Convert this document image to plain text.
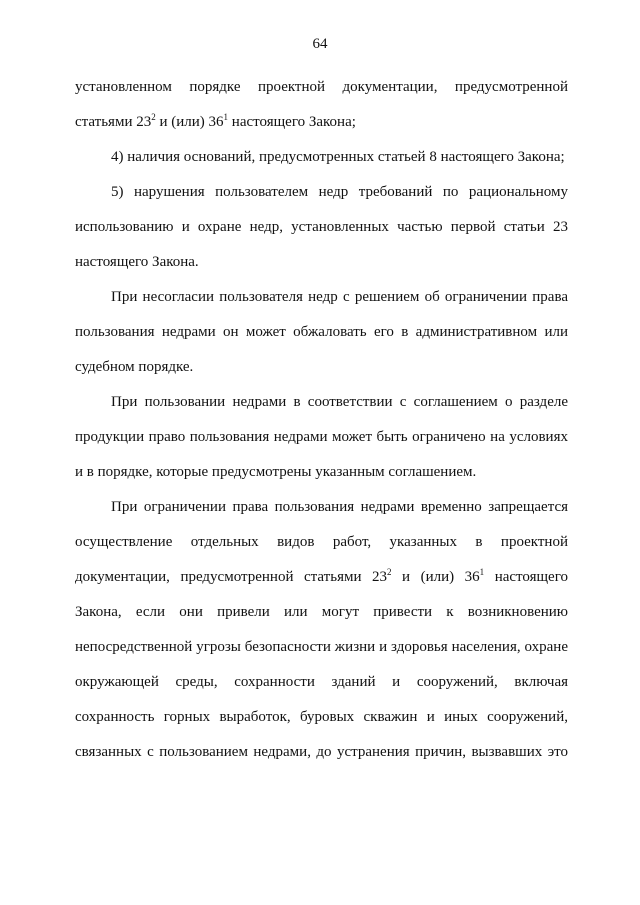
64

установленном порядке проектной документации, предусмотренной статьями $23^2$ и (или) $36^1$ настоящего Закона;

4) наличия оснований, предусмотренных статьей 8 настоящего Закона;

5) нарушения пользователем недр требований по рациональному использованию и охране недр, установленных частью первой статьи 23 настоящего Закона.

При несогласии пользователя недр с решением об ограничении права пользования недрами он может обжаловать его в административном или судебном порядке.

При пользовании недрами в соответствии с соглашением о разделе продукции право пользования недрами может быть ограничено на условиях и в порядке, которые предусмотрены указанным соглашением.

При ограничении права пользования недрами временно запрещается осуществление отдельных видов работ, указанных в проектной документации, предусмотренной статьями $23^2$ и (или) $36^1$ настоящего Закона, если они привели или могут привести к возникновению непосредственной угрозы безопасности жизни и здоровья населения, охране окружающей среды, сохранности зданий и сооружений, включая сохранность горных выработок, буровых скважин и иных сооружений, связанных с пользованием недрами, до устранения причин, вызвавших это
